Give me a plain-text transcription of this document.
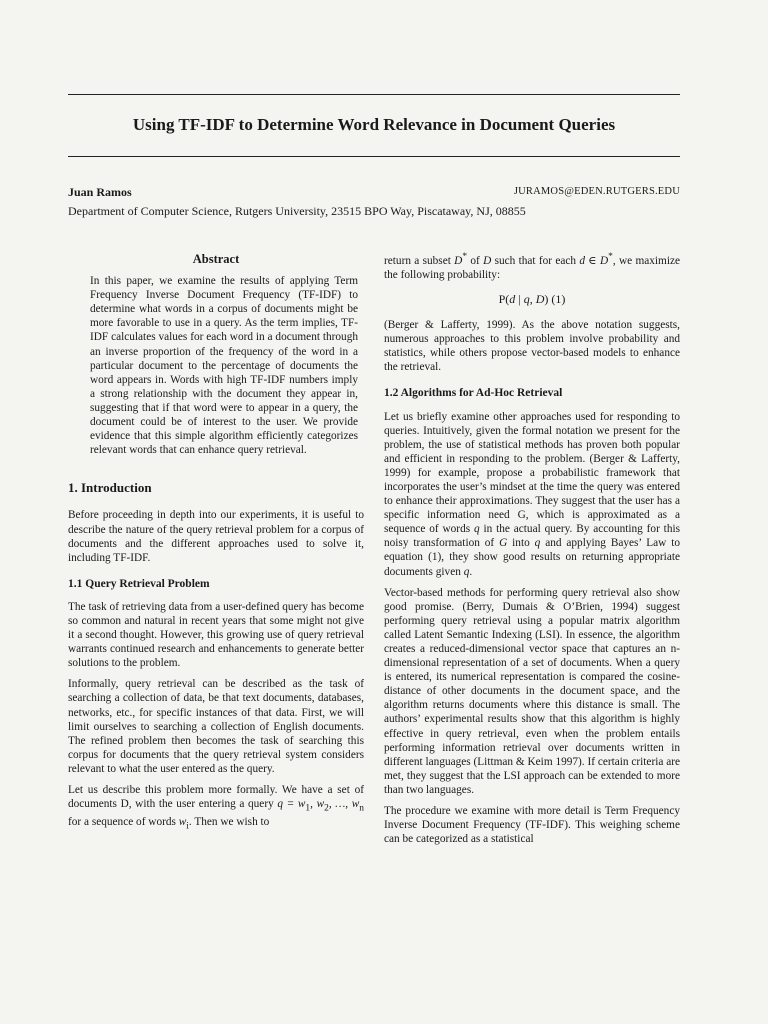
Using TF-IDF to Determine Word Relevance in Document Queries
Juan Ramos	JURAMOS@EDEN.RUTGERS.EDU
Department of Computer Science, Rutgers University, 23515 BPO Way, Piscataway, NJ, 08855
Abstract
In this paper, we examine the results of applying Term Frequency Inverse Document Frequency (TF-IDF) to determine what words in a corpus of documents might be more favorable to use in a query. As the term implies, TF-IDF calculates values for each word in a document through an inverse proportion of the frequency of the word in a particular document to the percentage of documents the word appears in. Words with high TF-IDF numbers imply a strong relationship with the document they appear in, suggesting that if that word were to appear in a query, the document could be of interest to the user. We provide evidence that this simple algorithm efficiently categorizes relevant words that can enhance query retrieval.
1. Introduction

Before proceeding in depth into our experiments, it is useful to describe the nature of the query retrieval problem for a corpus of documents and the different approaches used to solve it, including TF-IDF.

1.1 Query Retrieval Problem

The task of retrieving data from a user-defined query has become so common and natural in recent years that some might not give it a second thought. However, this growing use of query retrieval warrants continued research and enhancements to generate better solutions to the problem.

Informally, query retrieval can be described as the task of searching a collection of data, be that text documents, databases, networks, etc., for specific instances of that data. First, we will limit ourselves to searching a collection of English documents. The refined problem then becomes the task of searching this corpus for documents that the query retrieval system considers relevant to what the user entered as the query.

Let us describe this problem more formally. We have a set of documents D, with the user entering a query $q = w_1$, $w_2$, …, $w_n$ for a sequence of words $w_i$. Then we wish to

return a subset D* of D such that for each d ∈ D*, we maximize the following probability:

P(d | q, D) (1)

(Berger & Lafferty, 1999). As the above notation suggests, numerous approaches to this problem involve probability and statistics, while others propose vector-based models to enhance the retrieval.

1.2 Algorithms for Ad-Hoc Retrieval

Let us briefly examine other approaches used for responding to queries. Intuitively, given the formal notation we present for the problem, the use of statistical methods has proven both popular and efficient in responding to the problem. (Berger & Lafferty, 1999) for example, propose a probabilistic framework that incorporates the user’s mindset at the time the query was entered to enhance their approximations. They suggest that the user has a specific information need G, which is approximated as a sequence of words q in the actual query. By accounting for this noisy transformation of G into q and applying Bayes’ Law to equation (1), they show good results on returning appropriate documents given q.

Vector-based methods for performing query retrieval also show good promise. (Berry, Dumais & O’Brien, 1994) suggest performing query retrieval using a popular matrix algorithm called Latent Semantic Indexing (LSI). In essence, the algorithm creates a reduced-dimensional vector space that captures an n-dimensional representation of a set of documents. When a query is entered, its numerical representation is compared the cosine-distance of other documents in the document space, and the algorithm returns documents where this distance is small. The authors’ experimental results show that this algorithm is highly effective in query retrieval, even when the problem entails performing information retrieval over documents written in different languages (Littman & Keim 1997). If certain criteria are met, they suggest that the LSI approach can be extended to more than two languages.

The procedure we examine with more detail is Term Frequency Inverse Document Frequency (TF-IDF). This weighing scheme can be categorized as a statistical
